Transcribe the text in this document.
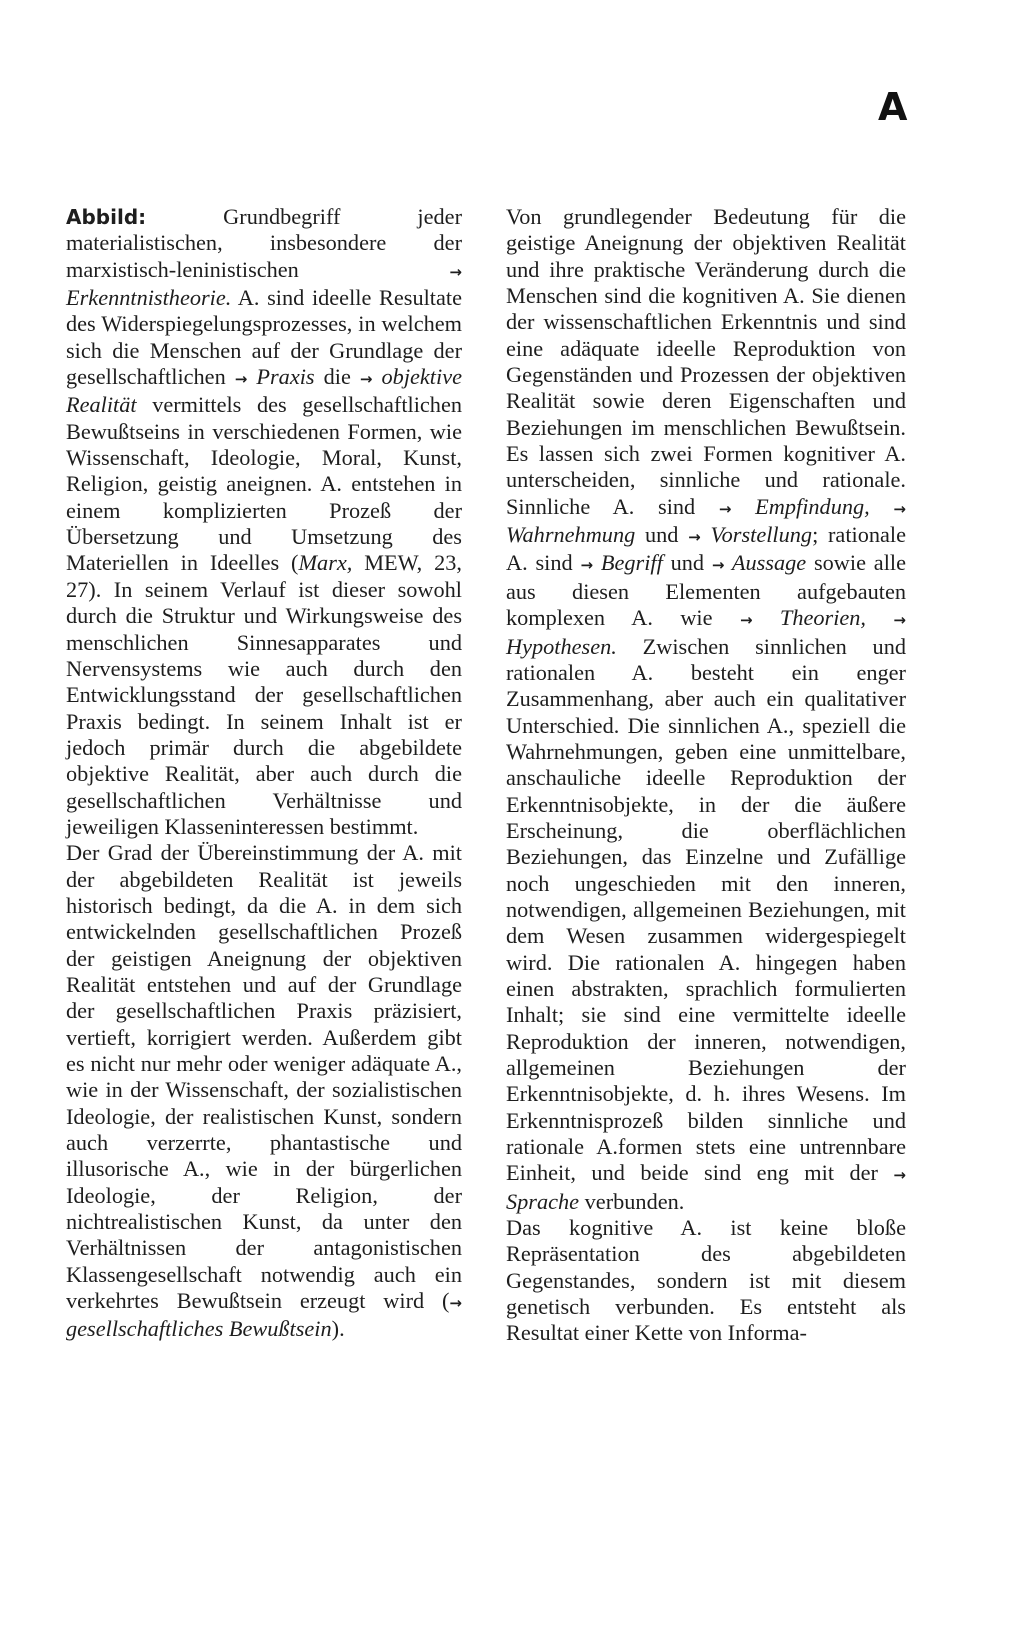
A

Abbild: Grundbegriff jeder materialistischen, insbesondere der marxistisch-leninistischen → Erkenntnistheorie. A. sind ideelle Resultate des Widerspiegelungsprozesses, in welchem sich die Menschen auf der Grundlage der gesellschaftlichen → Praxis die → objektive Realität vermittels des gesellschaftlichen Bewußtseins in verschiedenen Formen, wie Wissenschaft, Ideologie, Moral, Kunst, Religion, geistig aneignen. A. entstehen in einem komplizierten Prozeß der Übersetzung und Umsetzung des Materiellen in Ideelles (Marx, MEW, 23, 27). In seinem Verlauf ist dieser sowohl durch die Struktur und Wirkungsweise des menschlichen Sinnesapparates und Nervensystems wie auch durch den Entwicklungsstand der gesellschaftlichen Praxis bedingt. In seinem Inhalt ist er jedoch primär durch die abgebildete objektive Realität, aber auch durch die gesellschaftlichen Verhältnisse und jeweiligen Klasseninteressen bestimmt.

Der Grad der Übereinstimmung der A. mit der abgebildeten Realität ist jeweils historisch bedingt, da die A. in dem sich entwickelnden gesellschaftlichen Prozeß der geistigen Aneignung der objektiven Realität entstehen und auf der Grundlage der gesellschaftlichen Praxis präzisiert, vertieft, korrigiert werden. Außerdem gibt es nicht nur mehr oder weniger adäquate A., wie in der Wissenschaft, der sozialistischen Ideologie, der realistischen Kunst, sondern auch verzerrte, phantastische und illusorische A., wie in der bürgerlichen Ideologie, der Religion, der nichtrealistischen Kunst, da unter den Verhältnissen der antagonistischen Klassengesellschaft notwendig auch ein verkehrtes Bewußtsein erzeugt wird (→ gesellschaftliches Bewußtsein).

Von grundlegender Bedeutung für die geistige Aneignung der objektiven Realität und ihre praktische Veränderung durch die Menschen sind die kognitiven A. Sie dienen der wissenschaftlichen Erkenntnis und sind eine adäquate ideelle Reproduktion von Gegenständen und Prozessen der objektiven Realität sowie deren Eigenschaften und Beziehungen im menschlichen Bewußtsein. Es lassen sich zwei Formen kognitiver A. unterscheiden, sinnliche und rationale. Sinnliche A. sind → Empfindung, → Wahrnehmung und → Vorstellung; rationale A. sind → Begriff und → Aussage sowie alle aus diesen Elementen aufgebauten komplexen A. wie → Theorien, → Hypothesen. Zwischen sinnlichen und rationalen A. besteht ein enger Zusammenhang, aber auch ein qualitativer Unterschied. Die sinnlichen A., speziell die Wahrnehmungen, geben eine unmittelbare, anschauliche ideelle Reproduktion der Erkenntnisobjekte, in der die äußere Erscheinung, die oberflächlichen Beziehungen, das Einzelne und Zufällige noch ungeschieden mit den inneren, notwendigen, allgemeinen Beziehungen, mit dem Wesen zusammen widergespiegelt wird. Die rationalen A. hingegen haben einen abstrakten, sprachlich formulierten Inhalt; sie sind eine vermittelte ideelle Reproduktion der inneren, notwendigen, allgemeinen Beziehungen der Erkenntnisobjekte, d. h. ihres Wesens. Im Erkenntnisprozeß bilden sinnliche und rationale A.formen stets eine untrennbare Einheit, und beide sind eng mit der → Sprache verbunden.

Das kognitive A. ist keine bloße Repräsentation des abgebildeten Gegenstandes, sondern ist mit diesem genetisch verbunden. Es entsteht als Resultat einer Kette von Informa-
